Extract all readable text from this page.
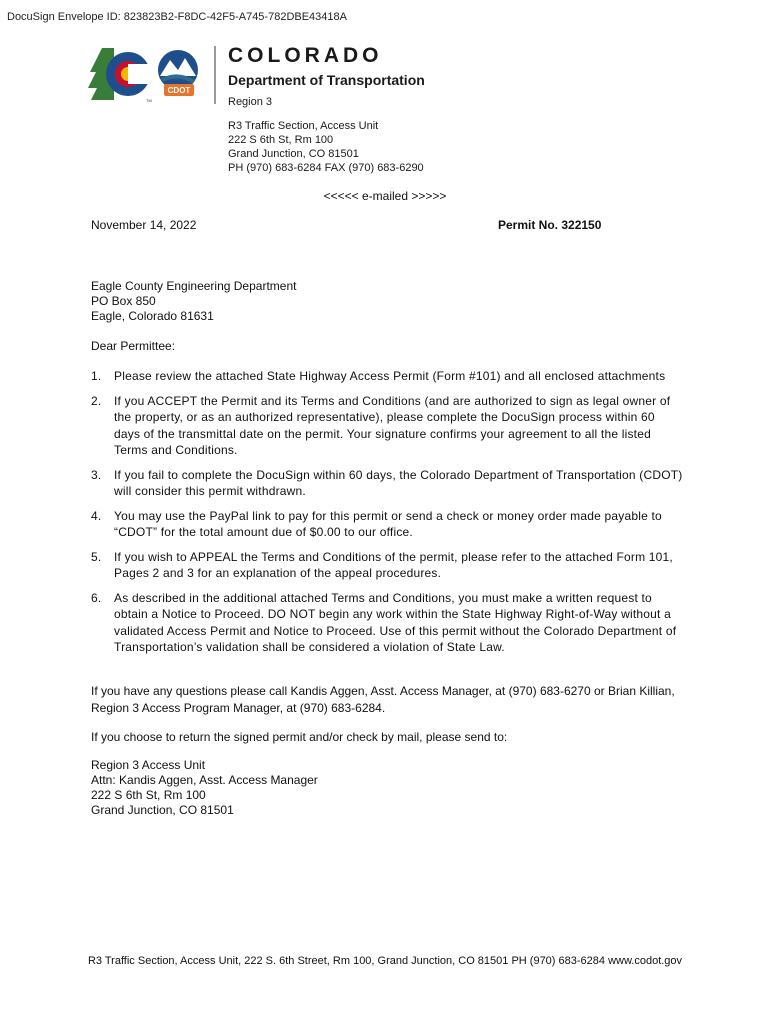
DocuSign Envelope ID: 823823B2-F8DC-42F5-A745-782DBE43418A
CDOT
TM
COLORADO
Department of Transportation
Region 3
R3 Traffic Section, Access Unit
222 S 6th St, Rm 100
Grand Junction, CO 81501
PH (970) 683-6284 FAX (970) 683-6290
<<<<< e-mailed >>>>>
November 14, 2022	Permit No. 322150
Eagle County Engineering Department
PO Box 850
Eagle, Colorado 81631
Dear Permittee:
1.	Please review the attached State Highway Access Permit (Form #101) and all enclosed attachments
2.	If you ACCEPT the Permit and its Terms and Conditions (and are authorized to sign as legal owner of the property, or as an authorized representative), please complete the DocuSign process within 60 days of the transmittal date on the permit. Your signature confirms your agreement to all the listed Terms and Conditions.
3.	If you fail to complete the DocuSign within 60 days, the Colorado Department of Transportation (CDOT) will consider this permit withdrawn.
4.	You may use the PayPal link to pay for this permit or send a check or money order made payable to “CDOT” for the total amount due of $0.00 to our office.
5.	If you wish to APPEAL the Terms and Conditions of the permit, please refer to the attached Form 101, Pages 2 and 3 for an explanation of the appeal procedures.
6.	As described in the additional attached Terms and Conditions, you must make a written request to obtain a Notice to Proceed. DO NOT begin any work within the State Highway Right-of-Way without a validated Access Permit and Notice to Proceed. Use of this permit without the Colorado Department of Transportation’s validation shall be considered a violation of State Law.
If you have any questions please call Kandis Aggen, Asst. Access Manager, at (970) 683-6270 or Brian Killian, Region 3 Access Program Manager, at (970) 683-6284.
If you choose to return the signed permit and/or check by mail, please send to:
Region 3 Access Unit
Attn: Kandis Aggen, Asst. Access Manager
222 S 6th St, Rm 100
Grand Junction, CO 81501
R3 Traffic Section, Access Unit, 222 S. 6th Street, Rm 100, Grand Junction, CO 81501 PH (970) 683-6284 www.codot.gov
